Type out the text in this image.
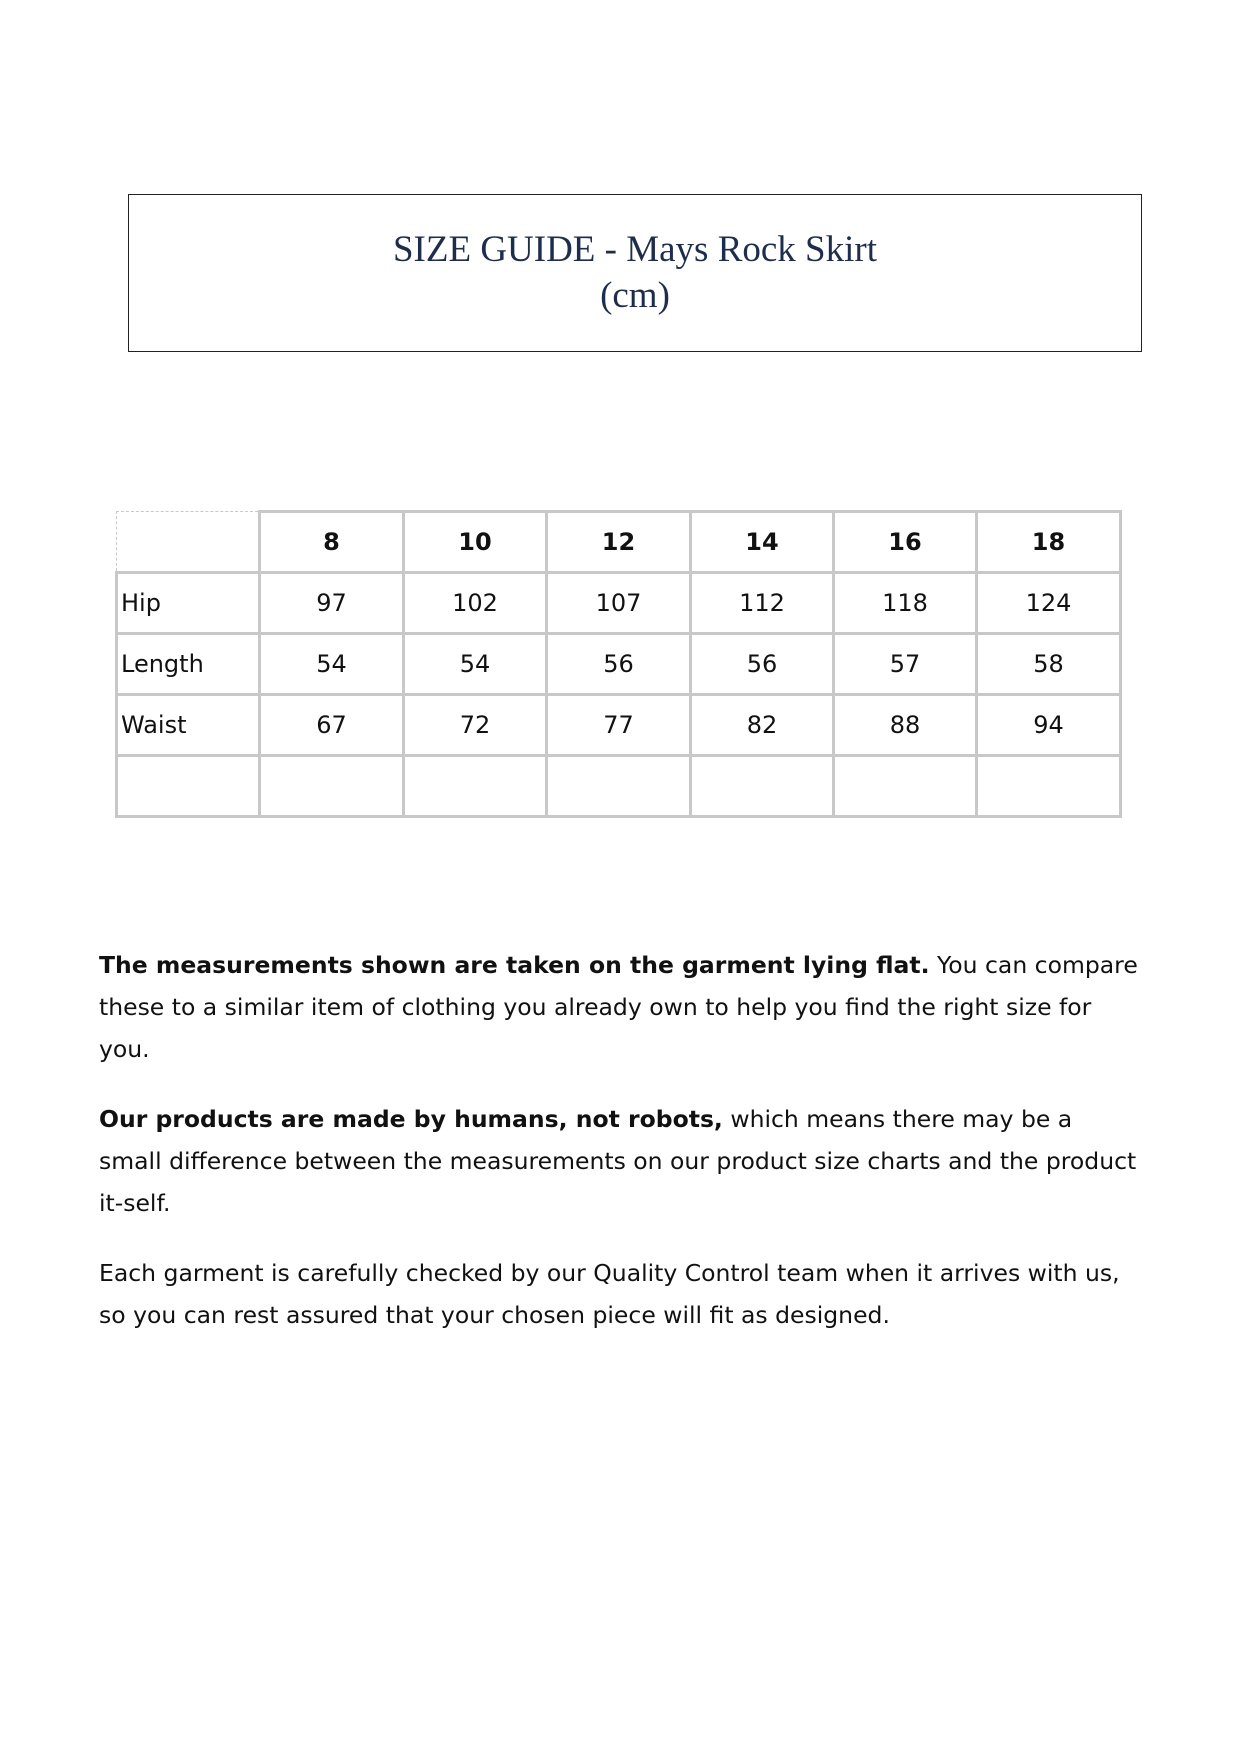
SIZE GUIDE - Mays Rock Skirt
(cm)
	8	10	12	14	16	18
Hip	97	102	107	112	118	124
Length	54	54	56	56	57	58
Waist	67	72	77	82	88	94

The measurements shown are taken on the garment lying flat. You can compare these to a similar item of clothing you already own to help you find the right size for you.

Our products are made by humans, not robots, which means there may be a small difference between the measurements on our product size charts and the product it-self.

Each garment is carefully checked by our Quality Control team when it arrives with us, so you can rest assured that your chosen piece will fit as designed.
